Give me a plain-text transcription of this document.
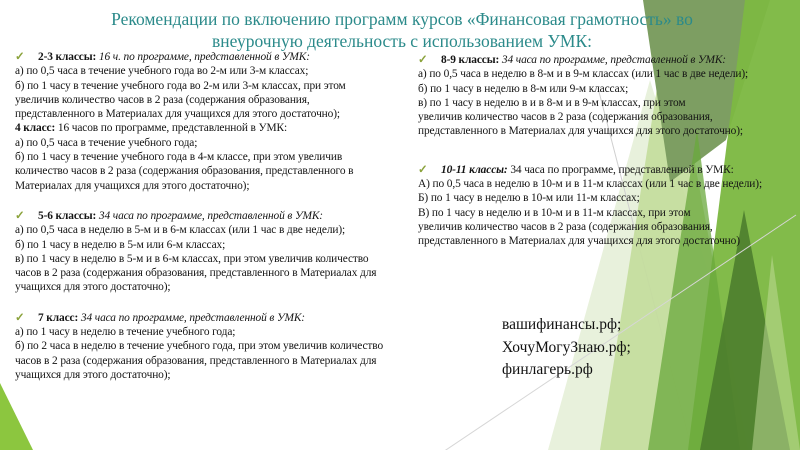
Рекомендации по включению программ курсов «Финансовая грамотность» во внеурочную деятельность с использованием УМК:
✓ 2-3 классы: 16 ч. по программе, представленной в УМК:
а) по 0,5 часа в течение учебного года во 2-м или 3-м классах;
б) по 1 часу в течение учебного года во 2-м или 3-м классах, при этом
увеличив количество часов в 2 раза (содержания образования,
представленного в Материалах для учащихся для этого достаточно);
4 класс: 16 часов по программе, представленной в УМК:
а) по 0,5 часа в течение учебного года;
б) по 1 часу в течение учебного года в 4-м классе, при этом увеличив
количество часов в 2 раза (содержания образования, представленного в
Материалах для учащихся для этого достаточно);
✓ 5-6 классы: 34 часа по программе, представленной в УМК:
а) по 0,5 часа в неделю в 5-м и в 6-м классах (или 1 час в две недели);
б) по 1 часу в неделю в 5-м или 6-м классах;
в) по 1 часу в неделю в 5-м и в 6-м классах, при этом увеличив количество
часов в 2 раза (содержания образования, представленного в Материалах для
учащихся для этого достаточно);
✓ 7 класс: 34 часа по программе, представленной в УМК:
а) по 1 часу в неделю в течение учебного года;
б) по 2 часа в неделю в течение учебного года, при этом увеличив количество
часов в 2 раза (содержания образования, представленного в Материалах для
учащихся для этого достаточно);
✓ 8-9 классы: 34 часа по программе, представленной в УМК:
а) по 0,5 часа в неделю в 8-м и в 9-м классах (или 1 час в две недели);
б) по 1 часу в неделю в 8-м или 9-м классах;
в) по 1 часу в неделю в и в 8-м и в 9-м классах, при этом
увеличив количество часов в 2 раза (содержания образования,
представленного в Материалах для учащихся для этого достаточно);
✓ 10-11 классы: 34 часа по программе, представленной в УМК:
А) по 0,5 часа в неделю в 10-м и в 11-м классах (или 1 час в две недели);
Б) по 1 часу в неделю в 10-м или 11-м классах;
В) по 1 часу в неделю и в 10-м и в 11-м классах, при этом
увеличив количество часов в 2 раза (содержания образования,
представленного в Материалах для учащихся для этого достаточно)
вашифинансы.рф;
ХочуМогуЗнаю.рф;
финлагерь.рф
